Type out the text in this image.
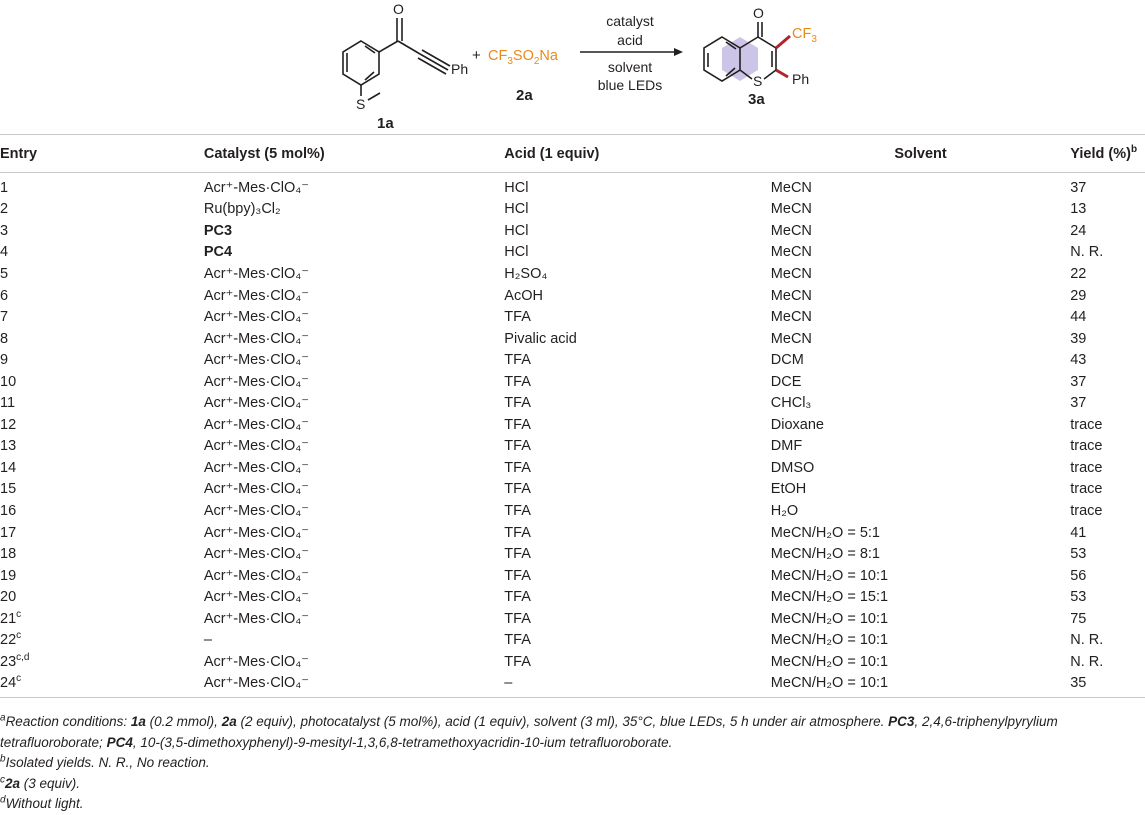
O
S
Ph
1a
+ $CF_3SO_2Na$
2a
catalyst
acid
solvent
blue LEDs
O
S
$CF_3$
Ph
3a
Entry	Catalyst (5 mol%)	Acid (1 equiv)	Solvent	Yield (%)$^b$
1	Acr⁺-Mes·ClO₄⁻	HCl	MeCN	37
2	Ru(bpy)₃Cl₂	HCl	MeCN	13
3	PC3	HCl	MeCN	24
4	PC4	HCl	MeCN	N. R.
5	Acr⁺-Mes·ClO₄⁻	H₂SO₄	MeCN	22
6	Acr⁺-Mes·ClO₄⁻	AcOH	MeCN	29
7	Acr⁺-Mes·ClO₄⁻	TFA	MeCN	44
8	Acr⁺-Mes·ClO₄⁻	Pivalic acid	MeCN	39
9	Acr⁺-Mes·ClO₄⁻	TFA	DCM	43
10	Acr⁺-Mes·ClO₄⁻	TFA	DCE	37
11	Acr⁺-Mes·ClO₄⁻	TFA	CHCl₃	37
12	Acr⁺-Mes·ClO₄⁻	TFA	Dioxane	trace
13	Acr⁺-Mes·ClO₄⁻	TFA	DMF	trace
14	Acr⁺-Mes·ClO₄⁻	TFA	DMSO	trace
15	Acr⁺-Mes·ClO₄⁻	TFA	EtOH	trace
16	Acr⁺-Mes·ClO₄⁻	TFA	H₂O	trace
17	Acr⁺-Mes·ClO₄⁻	TFA	MeCN/H₂O = 5:1	41
18	Acr⁺-Mes·ClO₄⁻	TFA	MeCN/H₂O = 8:1	53
19	Acr⁺-Mes·ClO₄⁻	TFA	MeCN/H₂O = 10:1	56
20	Acr⁺-Mes·ClO₄⁻	TFA	MeCN/H₂O = 15:1	53
21$^c$	Acr⁺-Mes·ClO₄⁻	TFA	MeCN/H₂O = 10:1	75
22$^c$	–	TFA	MeCN/H₂O = 10:1	N. R.
23$^{c,d}$	Acr⁺-Mes·ClO₄⁻	TFA	MeCN/H₂O = 10:1	N. R.
24$^c$	Acr⁺-Mes·ClO₄⁻	–	MeCN/H₂O = 10:1	35

$^a$Reaction conditions: 1a (0.2 mmol), 2a (2 equiv), photocatalyst (5 mol%), acid (1 equiv), solvent (3 ml), 35°C, blue LEDs, 5 h under air atmosphere. PC3, 2,4,6-triphenylpyrylium tetrafluoroborate; PC4, 10-(3,5-dimethoxyphenyl)-9-mesityl-1,3,6,8-tetramethoxyacridin-10-ium tetrafluoroborate.

$^b$Isolated yields. N. R., No reaction.

$^c$2a (3 equiv).

$^d$Without light.
